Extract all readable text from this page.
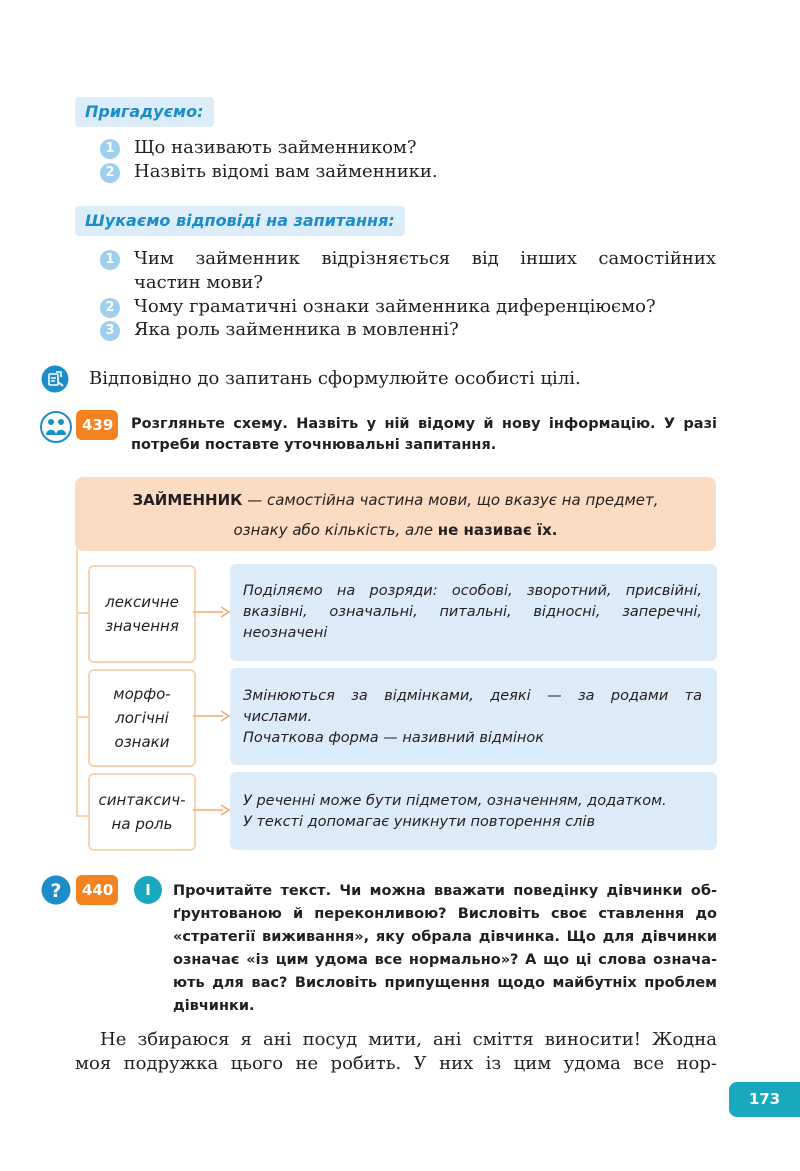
Пригадуємо:
1	Що називають займенником?
2	Назвіть відомі вам займенники.
Шукаємо відповіді на запитання:
1	Чим займенник відрізняється від інших самостійних
частин мови?
2	Чому граматичні ознаки займенника диференціюємо?
3	Яка роль займенника в мовленні?
Відповідно до запитань сформулюйте особисті цілі.
439	Розгляньте схему. Назвіть у ній відому й нову інформацію. У разі
потреби поставте уточнювальні запитання.
ЗАЙМЕННИК — самостійна частина мови, що вказує на предмет,
ознаку або кількість, але не називає їх.
лексичне
значення
Поділяємо на розряди: особові, зворотний, присвійні,
вказівні, означальні, питальні, відносні, заперечні,
неозначені
морфо-
логічні
ознаки
Змінюються за відмінками, деякі — за родами та
числами.
Початкова форма — називний відмінок
синтаксич-
на роль
У реченні може бути підметом, означенням, додатком.
У тексті допомагає уникнути повторення слів
?	440	І	Прочитайте текст. Чи можна вважати поведінку дівчинки об-
ґрунтованою й переконливою? Висловіть своє ставлення до
«стратегії виживання», яку обрала дівчинка. Що для дівчинки
означає «із цим удома все нормально»? А що ці слова означа-
ють для вас? Висловіть припущення щодо майбутніх проблем
дівчинки.
Не збираюся я ані посуд мити, ані сміття виносити! Жодна
моя подружка цього не робить. У них із цим удома все нор-
173
